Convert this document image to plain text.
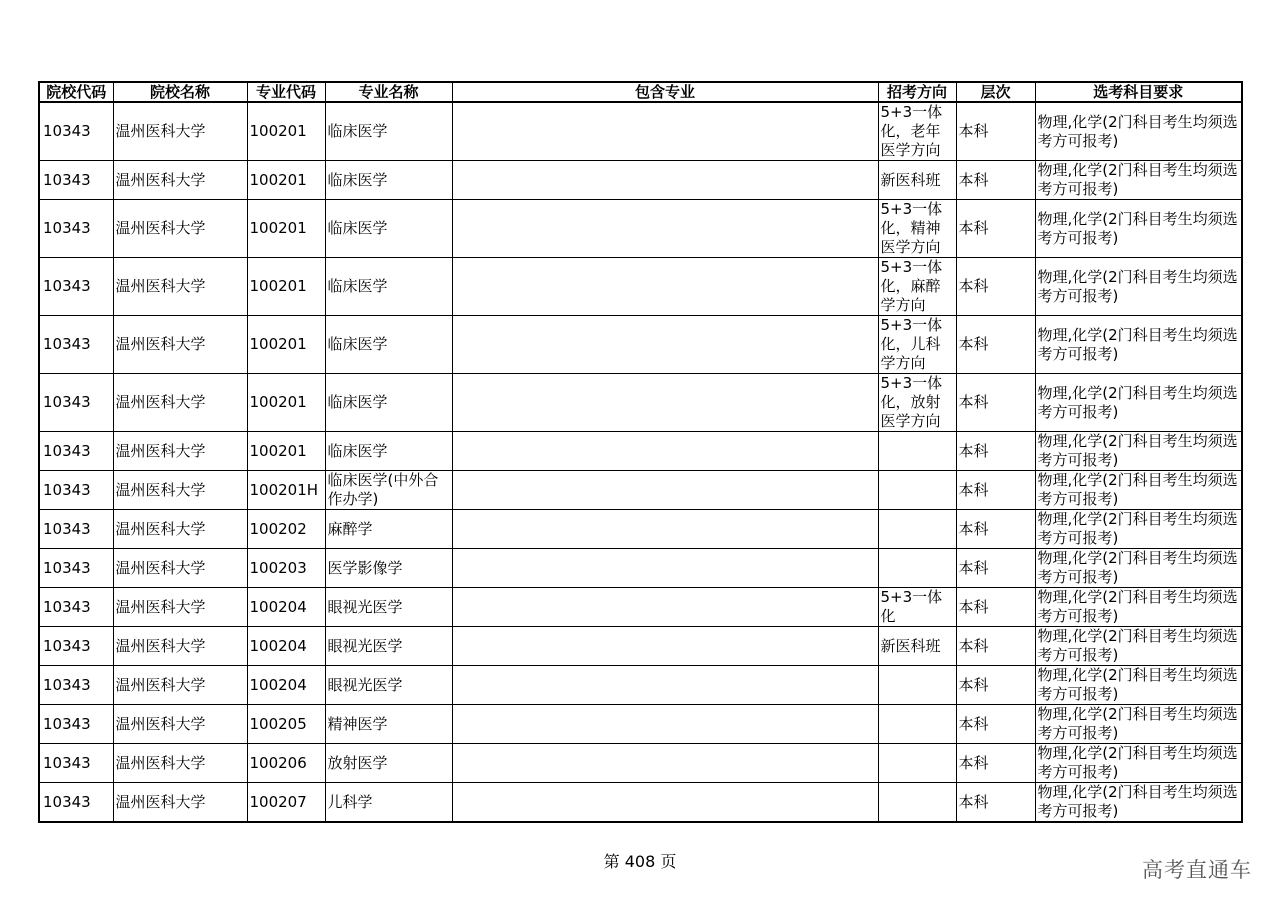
院校代码	院校名称	专业代码	专业名称	包含专业	招考方向	层次	选考科目要求
10343	温州医科大学	100201	临床医学		5+3一体化，老年医学方向	本科	物理,化学(2门科目考生均须选考方可报考)
10343	温州医科大学	100201	临床医学		新医科班	本科	物理,化学(2门科目考生均须选考方可报考)
10343	温州医科大学	100201	临床医学		5+3一体化，精神医学方向	本科	物理,化学(2门科目考生均须选考方可报考)
10343	温州医科大学	100201	临床医学		5+3一体化，麻醉学方向	本科	物理,化学(2门科目考生均须选考方可报考)
10343	温州医科大学	100201	临床医学		5+3一体化，儿科学方向	本科	物理,化学(2门科目考生均须选考方可报考)
10343	温州医科大学	100201	临床医学		5+3一体化，放射医学方向	本科	物理,化学(2门科目考生均须选考方可报考)
10343	温州医科大学	100201	临床医学			本科	物理,化学(2门科目考生均须选考方可报考)
10343	温州医科大学	100201H	临床医学(中外合作办学)			本科	物理,化学(2门科目考生均须选考方可报考)
10343	温州医科大学	100202	麻醉学			本科	物理,化学(2门科目考生均须选考方可报考)
10343	温州医科大学	100203	医学影像学			本科	物理,化学(2门科目考生均须选考方可报考)
10343	温州医科大学	100204	眼视光医学		5+3一体化	本科	物理,化学(2门科目考生均须选考方可报考)
10343	温州医科大学	100204	眼视光医学		新医科班	本科	物理,化学(2门科目考生均须选考方可报考)
10343	温州医科大学	100204	眼视光医学			本科	物理,化学(2门科目考生均须选考方可报考)
10343	温州医科大学	100205	精神医学			本科	物理,化学(2门科目考生均须选考方可报考)
10343	温州医科大学	100206	放射医学			本科	物理,化学(2门科目考生均须选考方可报考)
10343	温州医科大学	100207	儿科学			本科	物理,化学(2门科目考生均须选考方可报考)
第 408 页	高考直通车
